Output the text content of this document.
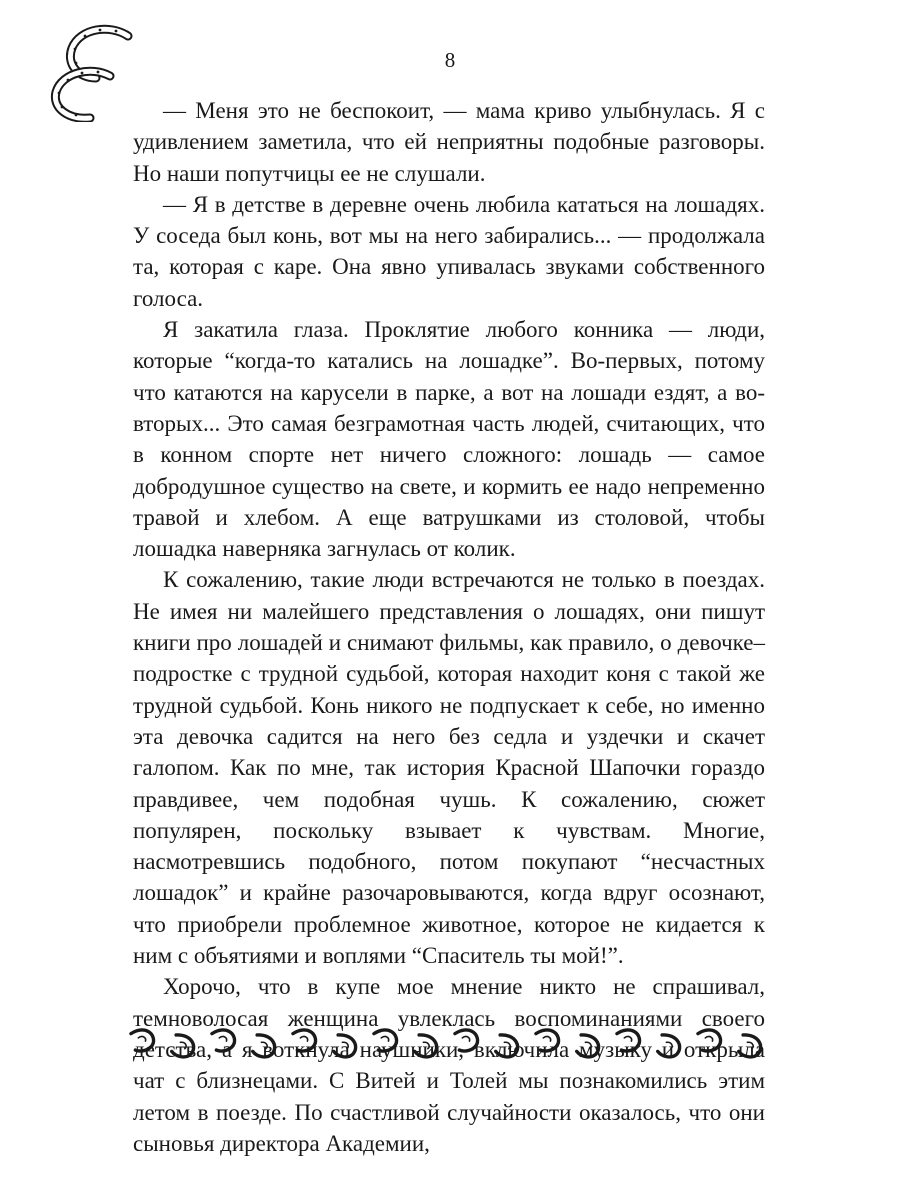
8

— Меня это не беспокоит, — мама криво улыбнулась. Я с удивлением заметила, что ей неприятны подобные разговоры. Но наши попутчицы ее не слушали.

— Я в детстве в деревне очень любила кататься на лошадях. У соседа был конь, вот мы на него забирались... — продолжала та, которая с каре. Она явно упивалась звуками собственного голоса.

Я закатила глаза. Проклятие любого конника — люди, которые “когда-то катались на лошадке”. Во-первых, потому что катаются на карусели в парке, а вот на лошади ездят, а во-вторых... Это самая безграмотная часть людей, считающих, что в конном спорте нет ничего сложного: лошадь — самое добродушное существо на свете, и кормить ее надо непременно травой и хлебом. А еще ватрушками из столовой, чтобы лошадка наверняка загнулась от колик.

К сожалению, такие люди встречаются не только в поездах. Не имея ни малейшего представления о лошадях, они пишут книги про лошадей и снимают фильмы, как правило, о девочке–подростке с трудной судьбой, которая находит коня с такой же трудной судьбой. Конь никого не подпускает к себе, но именно эта девочка садится на него без седла и уздечки и скачет галопом. Как по мне, так история Красной Шапочки гораздо правдивее, чем подобная чушь. К сожалению, сюжет популярен, поскольку взывает к чувствам. Многие, насмотревшись подобного, потом покупают “несчастных лошадок” и крайне разочаровываются, когда вдруг осознают, что приобрели проблемное животное, которое не кидается к ним с объятиями и воплями “Спаситель ты мой!”.

Хорочо, что в купе мое мнение никто не спрашивал, темноволосая женщина увлеклась воспоминаниями своего детства, а я воткнула наушники, включила музыку и открыла чат с близнецами. С Витей и Толей мы познакомились этим летом в поезде. По счастливой случайности оказалось, что они сыновья директора Академии,
